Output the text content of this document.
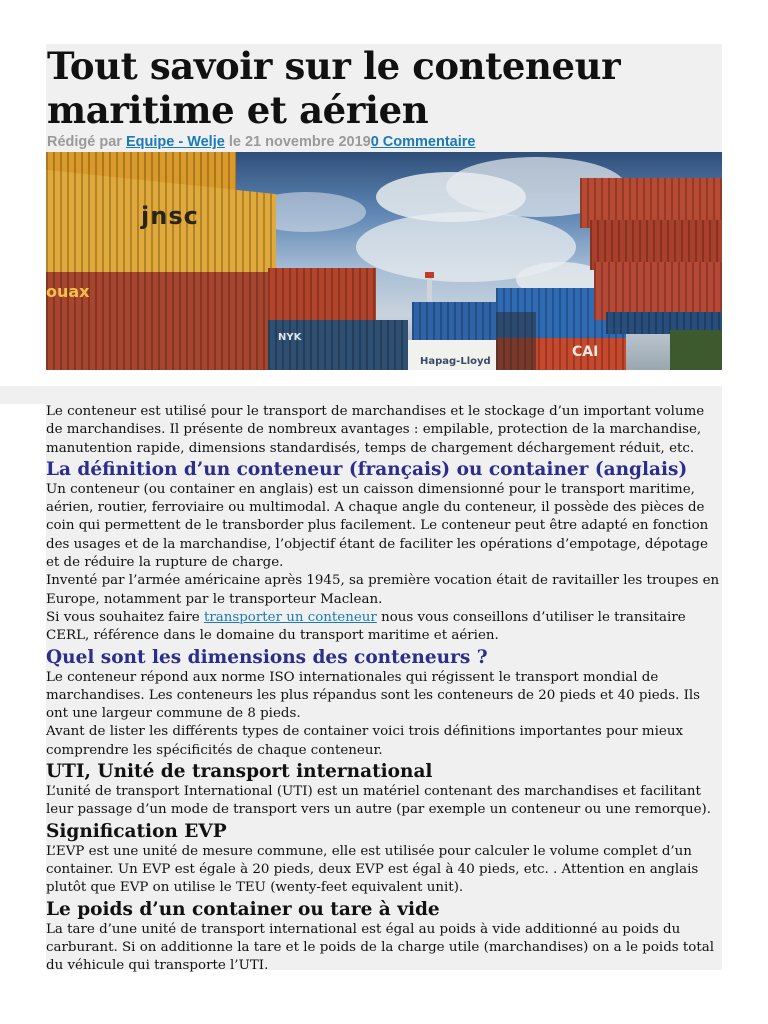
Tout savoir sur le conteneur maritime et aérien
Rédigé par Equipe - Welje le 21 novembre 20190 Commentaire
jnsc
ouax
NYK
Hapag-Lloyd
CAI

Le conteneur est utilisé pour le transport de marchandises et le stockage d’un important volume de marchandises. Il présente de nombreux avantages : empilable, protection de la marchandise, manutention rapide, dimensions standardisés, temps de chargement déchargement réduit, etc.

La définition d’un conteneur (français) ou container (anglais)

Un conteneur (ou container en anglais) est un caisson dimensionné pour le transport maritime, aérien, routier, ferroviaire ou multimodal. A chaque angle du conteneur, il possède des pièces de coin qui permettent de le transborder plus facilement. Le conteneur peut être adapté en fonction des usages et de la marchandise, l’objectif étant de faciliter les opérations d’empotage, dépotage et de réduire la rupture de charge.

Inventé par l’armée américaine après 1945, sa première vocation était de ravitailler les troupes en Europe, notamment par le transporteur Maclean.

Si vous souhaitez faire transporter un conteneur nous vous conseillons d’utiliser le transitaire CERL, référence dans le domaine du transport maritime et aérien.

Quel sont les dimensions des conteneurs ?

Le conteneur répond aux norme ISO internationales qui régissent le transport mondial de marchandises. Les conteneurs les plus répandus sont les conteneurs de 20 pieds et 40 pieds. Ils ont une largeur commune de 8 pieds.

Avant de lister les différents types de container voici trois définitions importantes pour mieux comprendre les spécificités de chaque conteneur.

UTI, Unité de transport international

L’unité de transport International (UTI) est un matériel contenant des marchandises et facilitant leur passage d’un mode de transport vers un autre (par exemple un conteneur ou une remorque).

Signification EVP

L’EVP est une unité de mesure commune, elle est utilisée pour calculer le volume complet d’un container. Un EVP est égale à 20 pieds, deux EVP est égal à 40 pieds, etc. . Attention en anglais plutôt que EVP on utilise le TEU (wenty-feet equivalent unit).

Le poids d’un container ou tare à vide

La tare d’une unité de transport international est égal au poids à vide additionné au poids du carburant. Si on additionne la tare et le poids de la charge utile (marchandises) on a le poids total du véhicule qui transporte l’UTI.
